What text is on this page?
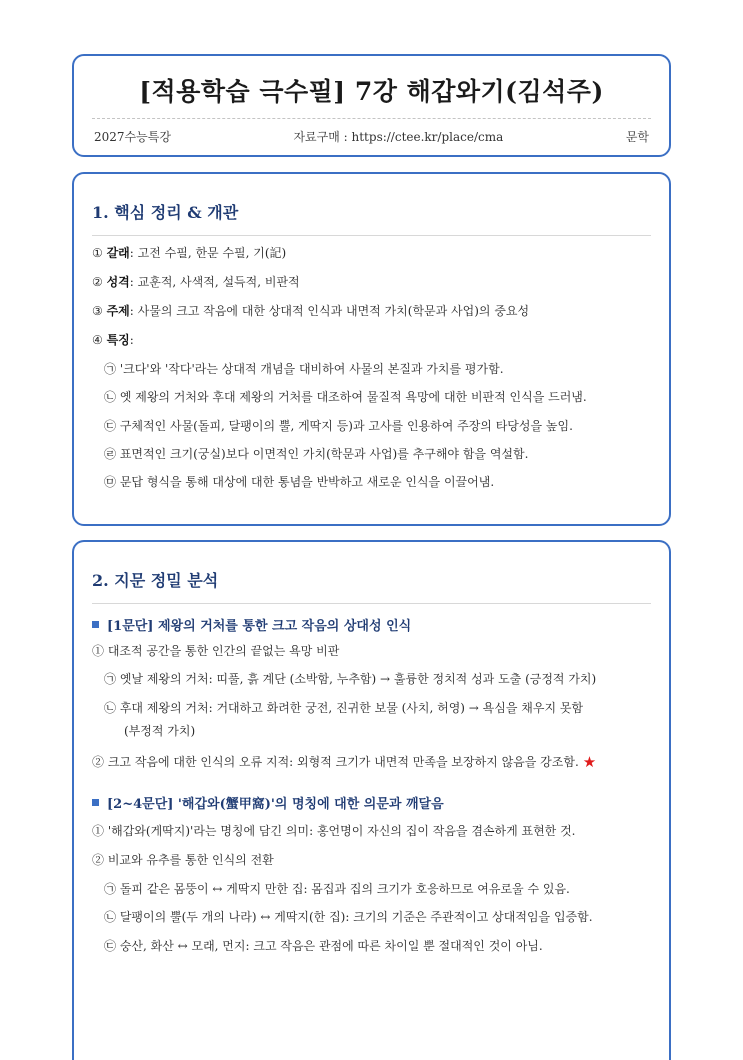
[적용학습 극수필] 7강 해갑와기(김석주)
2027수능특강	자료구매 : https://ctee.kr/place/cma	문학
1. 핵심 정리 & 개관
① 갈래: 고전 수필, 한문 수필, 기(記)
② 성격: 교훈적, 사색적, 설득적, 비판적
③ 주제: 사물의 크고 작음에 대한 상대적 인식과 내면적 가치(학문과 사업)의 중요성
④ 특징:
㉠ '크다'와 '작다'라는 상대적 개념을 대비하여 사물의 본질과 가치를 평가함.
㉡ 옛 제왕의 거처와 후대 제왕의 거처를 대조하여 물질적 욕망에 대한 비판적 인식을 드러냄.
㉢ 구체적인 사물(돌피, 달팽이의 뿔, 게딱지 등)과 고사를 인용하여 주장의 타당성을 높임.
㉣ 표면적인 크기(궁실)보다 이면적인 가치(학문과 사업)를 추구해야 함을 역설함.
㉤ 문답 형식을 통해 대상에 대한 통념을 반박하고 새로운 인식을 이끌어냄.
2. 지문 정밀 분석
[1문단] 제왕의 거처를 통한 크고 작음의 상대성 인식
① 대조적 공간을 통한 인간의 끝없는 욕망 비판
㉠ 옛날 제왕의 거처: 띠풀, 흙 계단 (소박함, 누추함) → 훌륭한 정치적 성과 도출 (긍정적 가치)
㉡ 후대 제왕의 거처: 거대하고 화려한 궁전, 진귀한 보물 (사치, 허영) → 욕심을 채우지 못함
(부정적 가치)
② 크고 작음에 대한 인식의 오류 지적: 외형적 크기가 내면적 만족을 보장하지 않음을 강조함. ★
[2~4문단] '해갑와(蟹甲窩)'의 명칭에 대한 의문과 깨달음
① '해갑와(게딱지)'라는 명칭에 담긴 의미: 홍언명이 자신의 집이 작음을 겸손하게 표현한 것.
② 비교와 유추를 통한 인식의 전환
㉠ 돌피 같은 몸뚱이 ↔ 게딱지 만한 집: 몸집과 집의 크기가 호응하므로 여유로울 수 있음.
㉡ 달팽이의 뿔(두 개의 나라) ↔ 게딱지(한 집): 크기의 기준은 주관적이고 상대적임을 입증함.
㉢ 숭산, 화산 ↔ 모래, 먼지: 크고 작음은 관점에 따른 차이일 뿐 절대적인 것이 아님.
